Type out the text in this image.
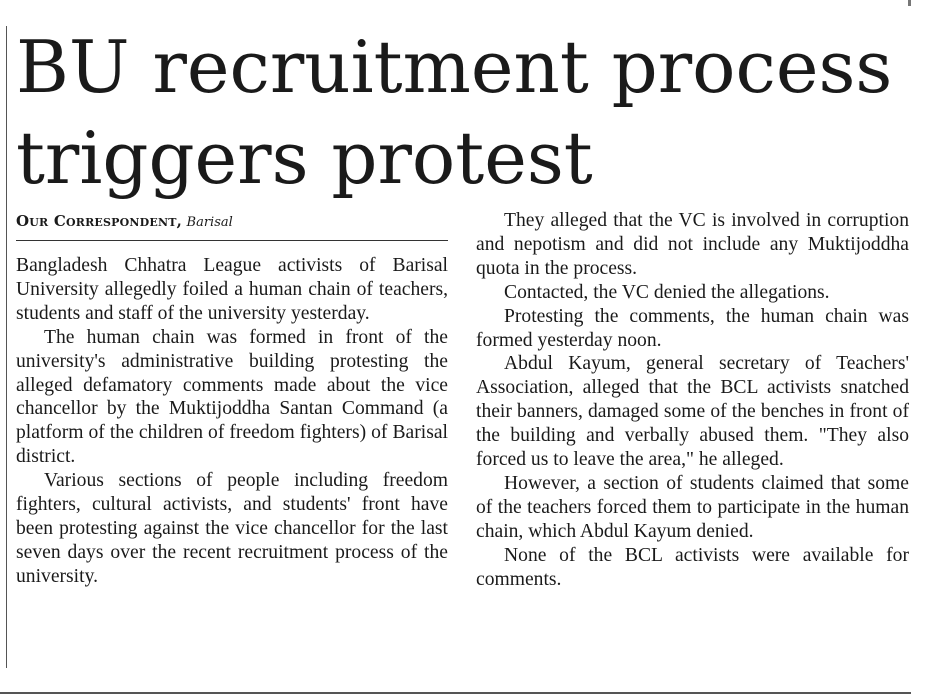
BU recruitment process
triggers protest
Our Correspondent, Barisal

Bangladesh Chhatra League activists of Barisal University allegedly foiled a human chain of teachers, students and staff of the university yesterday.

The human chain was formed in front of the university's administrative building protesting the alleged defamatory comments made about the vice chancellor by the Muktijoddha Santan Command (a platform of the children of freedom fighters) of Barisal district.

Various sections of people including freedom fighters, cultural activists, and students' front have been protesting against the vice chancellor for the last seven days over the recent recruitment process of the university.

They alleged that the VC is involved in corruption and nepotism and did not include any Muktijoddha quota in the process.

Contacted, the VC denied the allegations.

Protesting the comments, the human chain was formed yesterday noon.

Abdul Kayum, general secretary of Teachers' Association, alleged that the BCL activists snatched their banners, damaged some of the benches in front of the building and verbally abused them. "They also forced us to leave the area," he alleged.

However, a section of students claimed that some of the teachers forced them to participate in the human chain, which Abdul Kayum denied.

None of the BCL activists were available for comments.
